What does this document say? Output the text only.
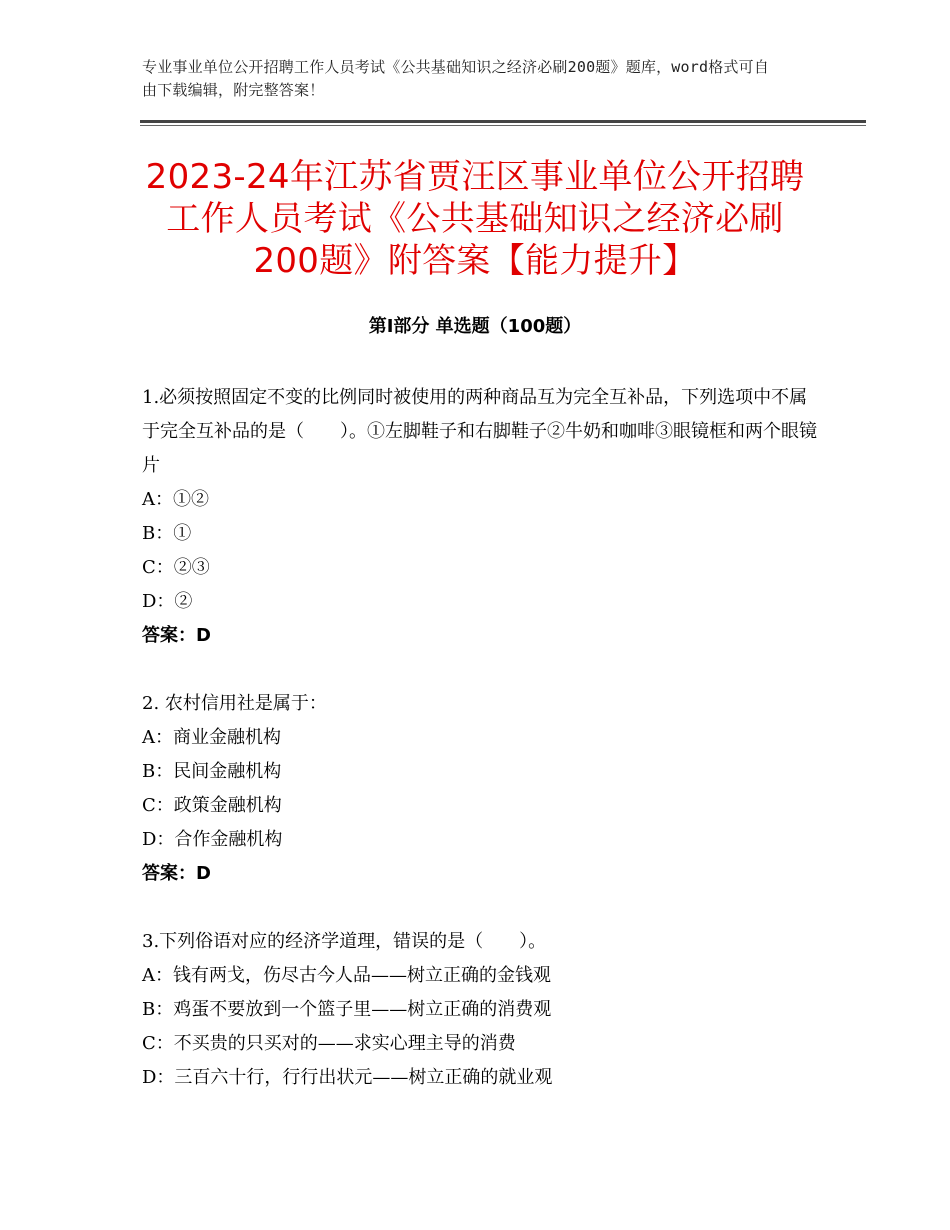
专业事业单位公开招聘工作人员考试《公共基础知识之经济必刷200题》题库，word格式可自由下载编辑，附完整答案！
2023-24年江苏省贾汪区事业单位公开招聘
工作人员考试《公共基础知识之经济必刷
200题》附答案【能力提升】
第Ⅰ部分 单选题（100题）

1.必须按照固定不变的比例同时被使用的两种商品互为完全互补品，下列选项中不属于完全互补品的是（　　）。①左脚鞋子和右脚鞋子②牛奶和咖啡③眼镜框和两个眼镜片

A：①②

B：①

C：②③

D：②

答案：D

2. 农村信用社是属于：

A：商业金融机构

B：民间金融机构

C：政策金融机构

D：合作金融机构

答案：D

3.下列俗语对应的经济学道理，错误的是（　　）。

A：钱有两戈，伤尽古今人品——树立正确的金钱观

B：鸡蛋不要放到一个篮子里——树立正确的消费观

C：不买贵的只买对的——求实心理主导的消费

D：三百六十行，行行出状元——树立正确的就业观
